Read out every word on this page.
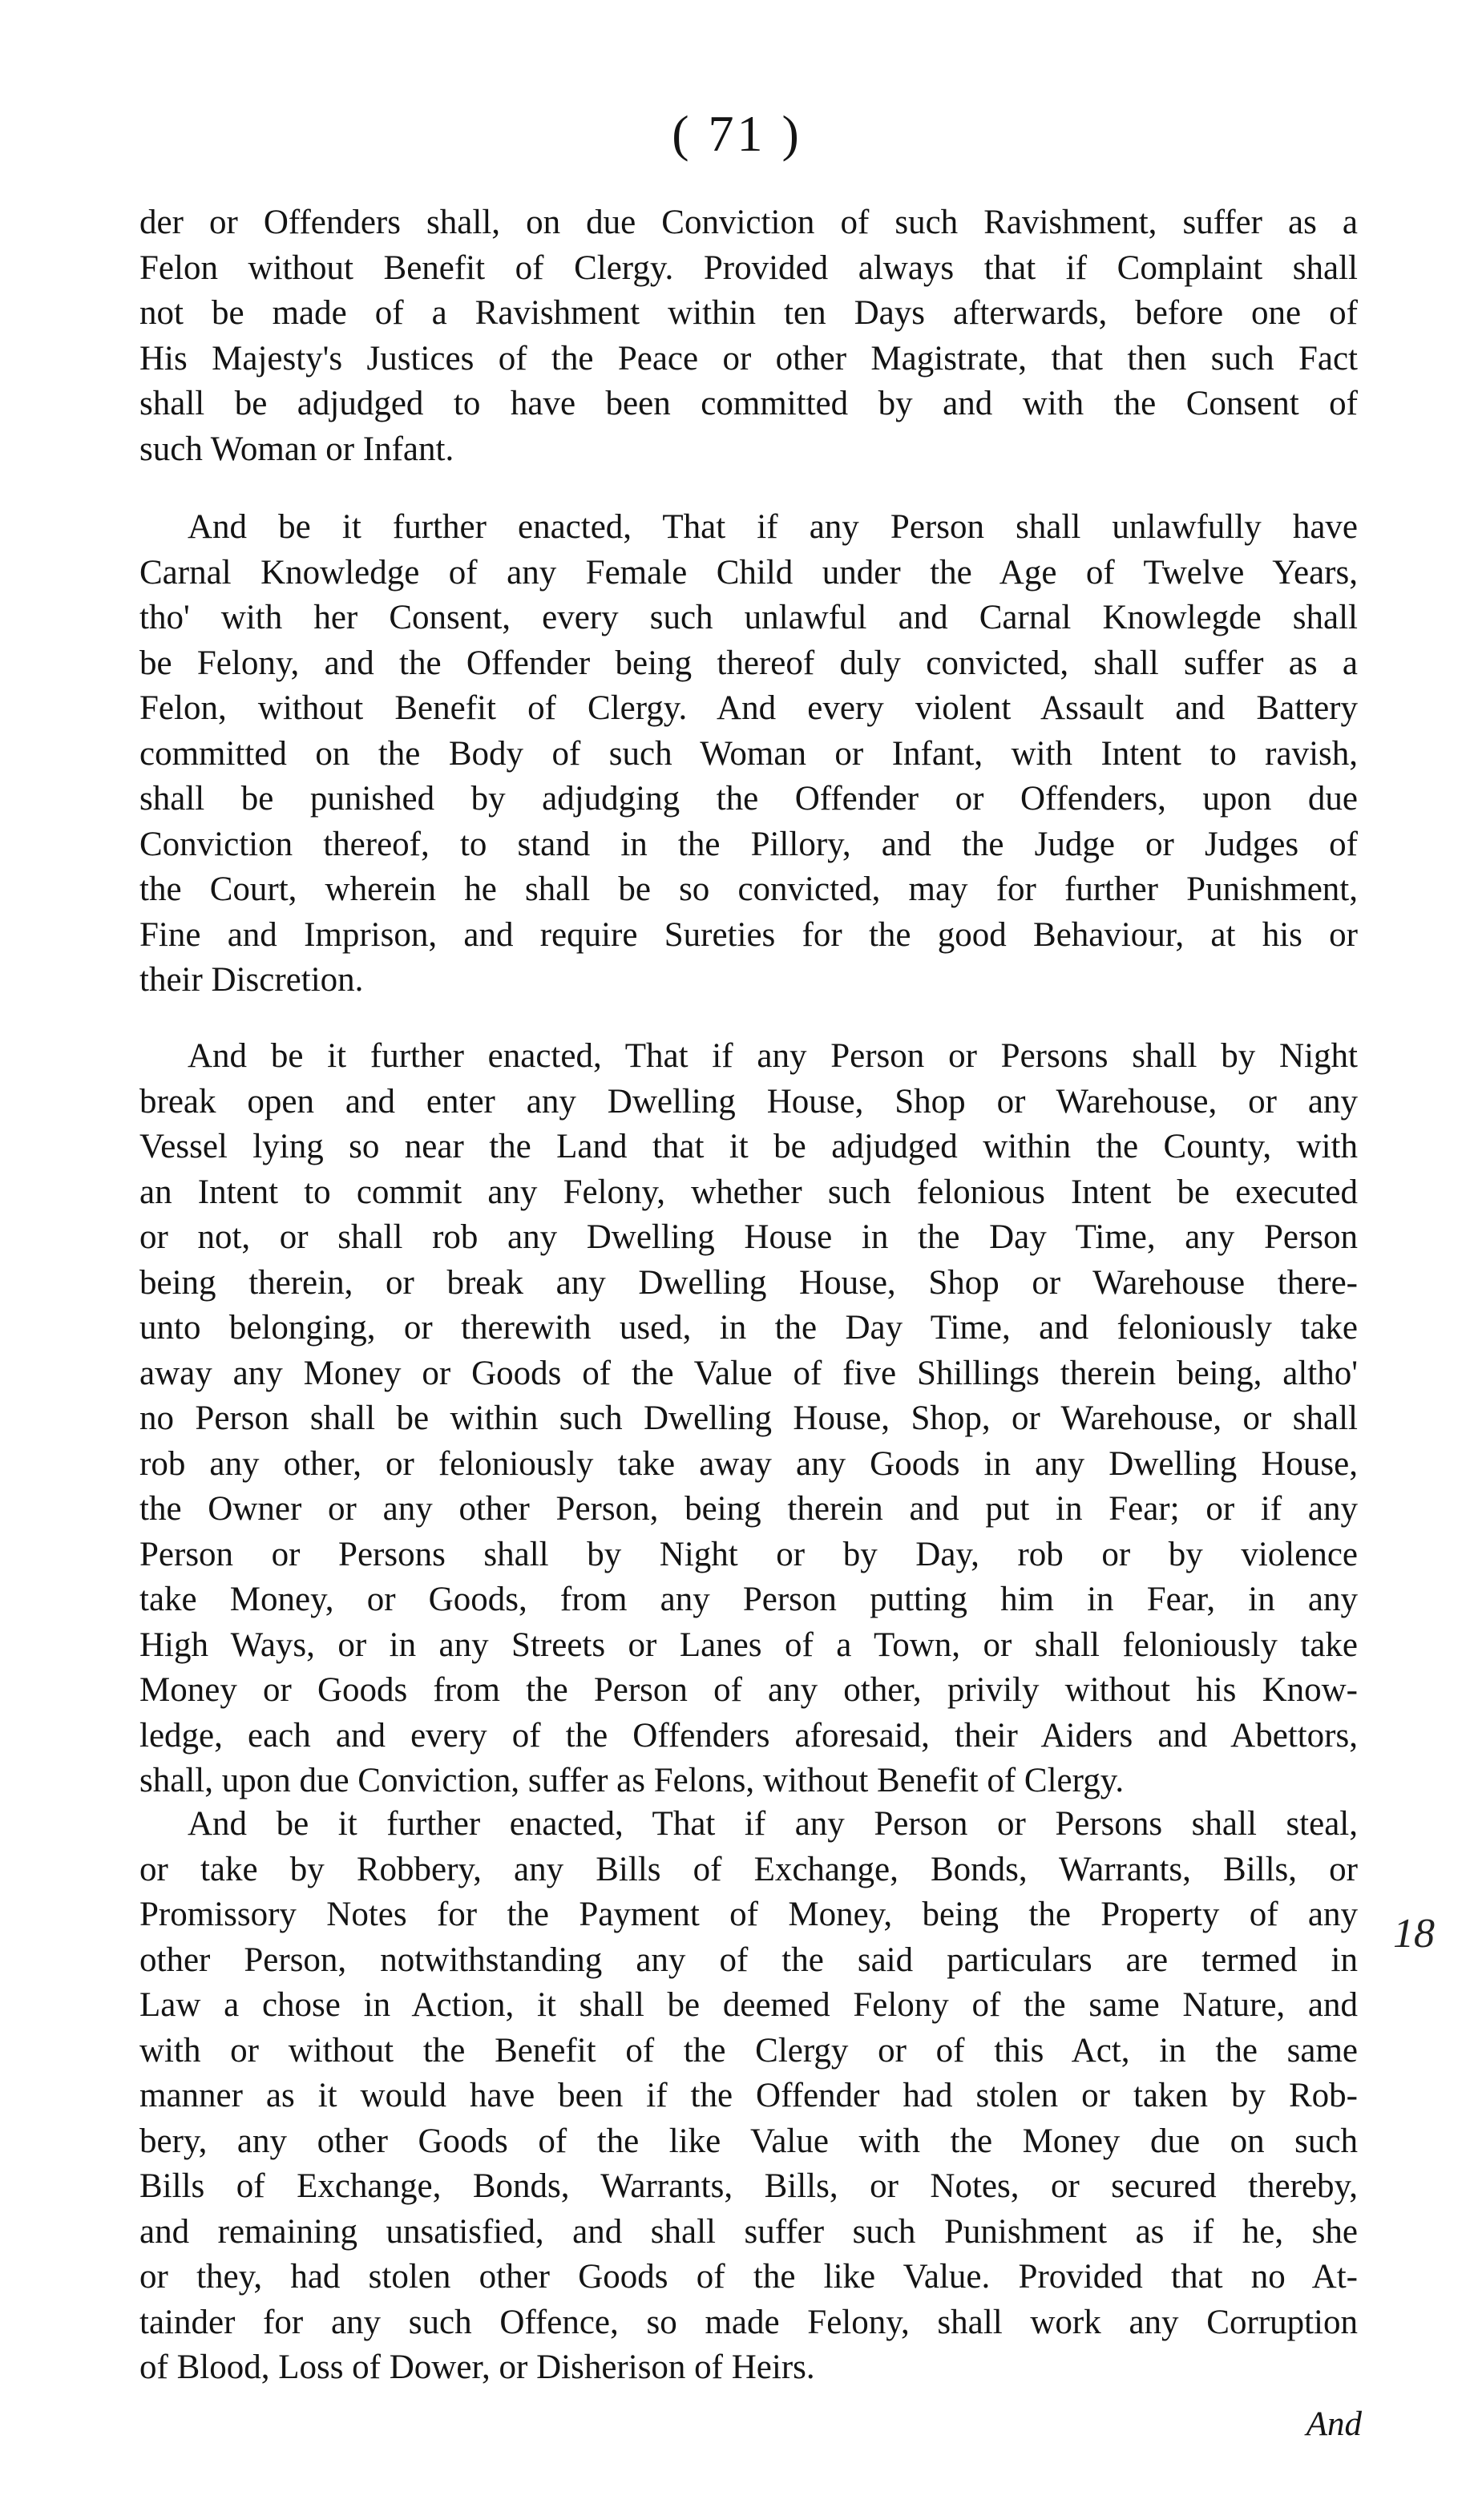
( 71 )
der or Offenders shall, on due Conviction of such Ravishment, suffer as a
Felon without Benefit of Clergy. Provided always that if Complaint shall
not be made of a Ravishment within ten Days afterwards, before one of
His Majesty's Justices of the Peace or other Magistrate, that then such Fact
shall be adjudged to have been committed by and with the Consent of
such Woman or Infant.
And be it further enacted, That if any Person shall unlawfully have
Carnal Knowledge of any Female Child under the Age of Twelve Years,
tho' with her Consent, every such unlawful and Carnal Knowlegde shall
be Felony, and the Offender being thereof duly convicted, shall suffer as a
Felon, without Benefit of Clergy. And every violent Assault and Battery
committed on the Body of such Woman or Infant, with Intent to ravish,
shall be punished by adjudging the Offender or Offenders, upon due
Conviction thereof, to stand in the Pillory, and the Judge or Judges of
the Court, wherein he shall be so convicted, may for further Punishment,
Fine and Imprison, and require Sureties for the good Behaviour, at his or
their Discretion.
And be it further enacted, That if any Person or Persons shall by Night
break open and enter any Dwelling House, Shop or Warehouse, or any
Vessel lying so near the Land that it be adjudged within the County, with
an Intent to commit any Felony, whether such felonious Intent be executed
or not, or shall rob any Dwelling House in the Day Time, any Person
being therein, or break any Dwelling House, Shop or Warehouse there-
unto belonging, or therewith used, in the Day Time, and feloniously take
away any Money or Goods of the Value of five Shillings therein being, altho'
no Person shall be within such Dwelling House, Shop, or Warehouse, or shall
rob any other, or feloniously take away any Goods in any Dwelling House,
the Owner or any other Person, being therein and put in Fear; or if any
Person or Persons shall by Night or by Day, rob or by violence
take Money, or Goods, from any Person putting him in Fear, in any
High Ways, or in any Streets or Lanes of a Town, or shall feloniously take
Money or Goods from the Person of any other, privily without his Know-
ledge, each and every of the Offenders aforesaid, their Aiders and Abettors,
shall, upon due Conviction, suffer as Felons, without Benefit of Clergy.
And be it further enacted, That if any Person or Persons shall steal,
or take by Robbery, any Bills of Exchange, Bonds, Warrants, Bills, or
Promissory Notes for the Payment of Money, being the Property of any
other Person, notwithstanding any of the said particulars are termed in
Law a chose in Action, it shall be deemed Felony of the same Nature, and
with or without the Benefit of the Clergy or of this Act, in the same
manner as it would have been if the Offender had stolen or taken by Rob-
bery, any other Goods of the like Value with the Money due on such
Bills of Exchange, Bonds, Warrants, Bills, or Notes, or secured thereby,
and remaining unsatisfied, and shall suffer such Punishment as if he, she
or they, had stolen other Goods of the like Value. Provided that no At-
tainder for any such Offence, so made Felony, shall work any Corruption
of Blood, Loss of Dower, or Disherison of Heirs.
18
And
